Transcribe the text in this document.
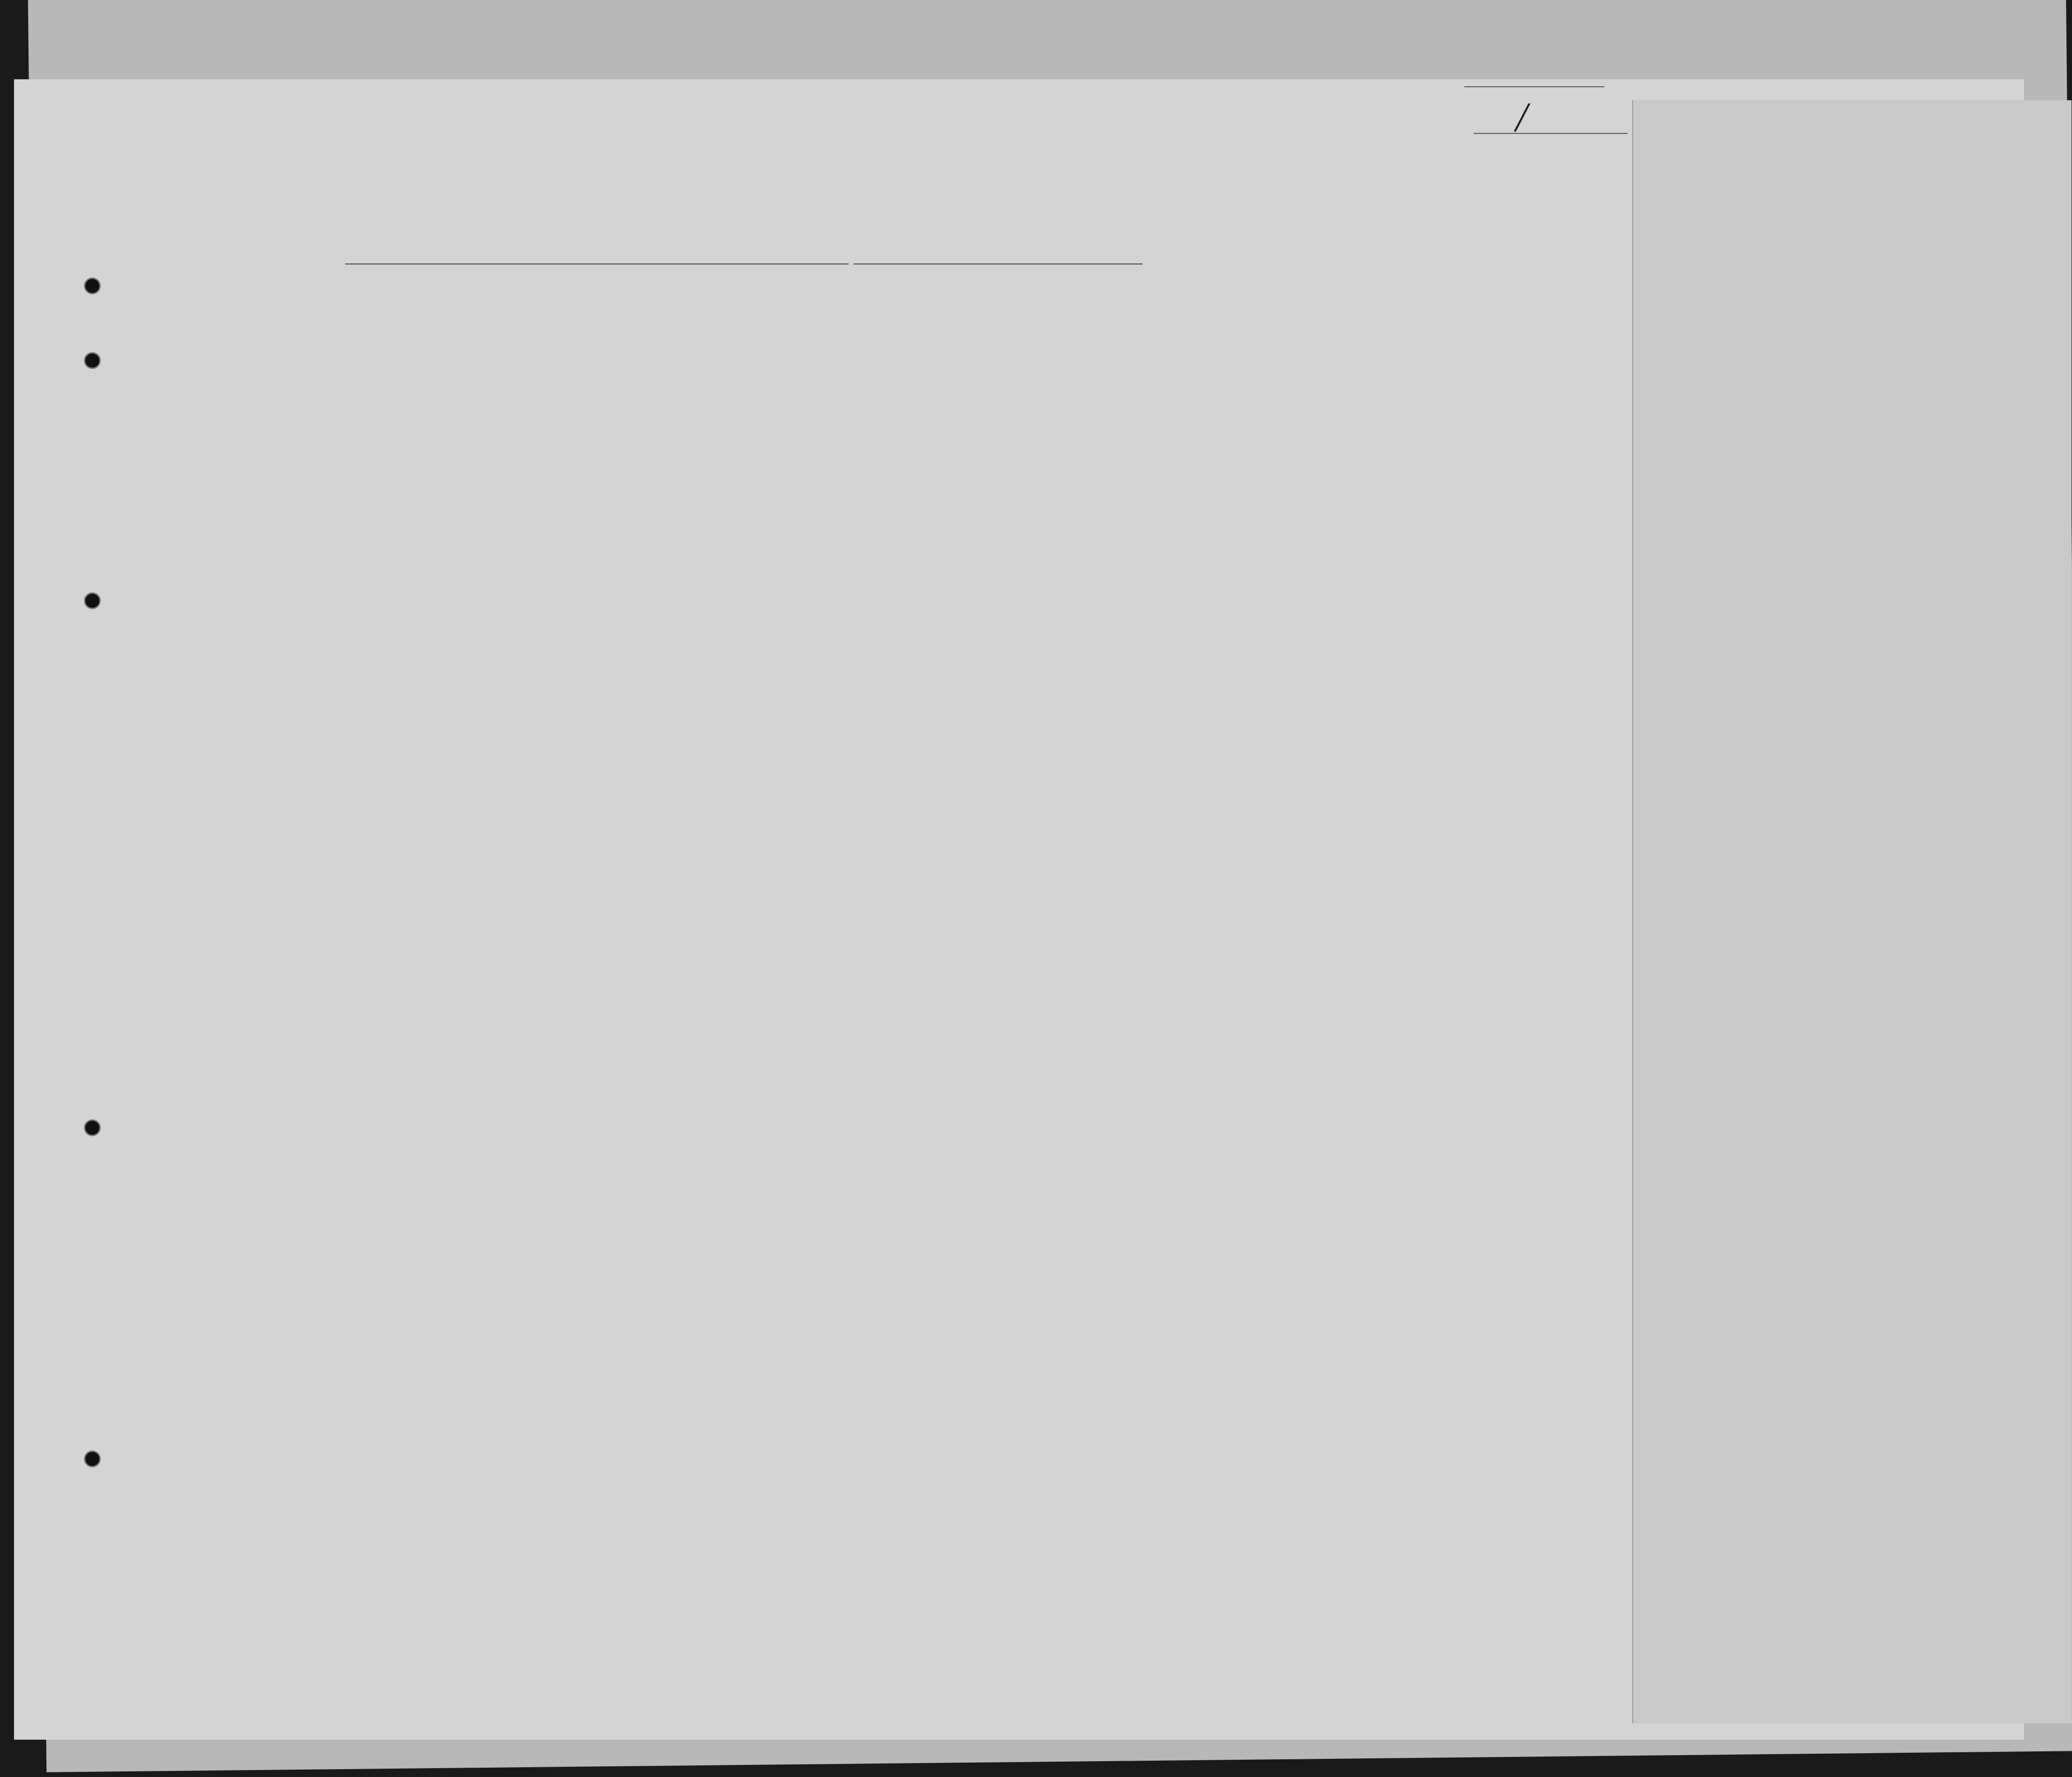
/
